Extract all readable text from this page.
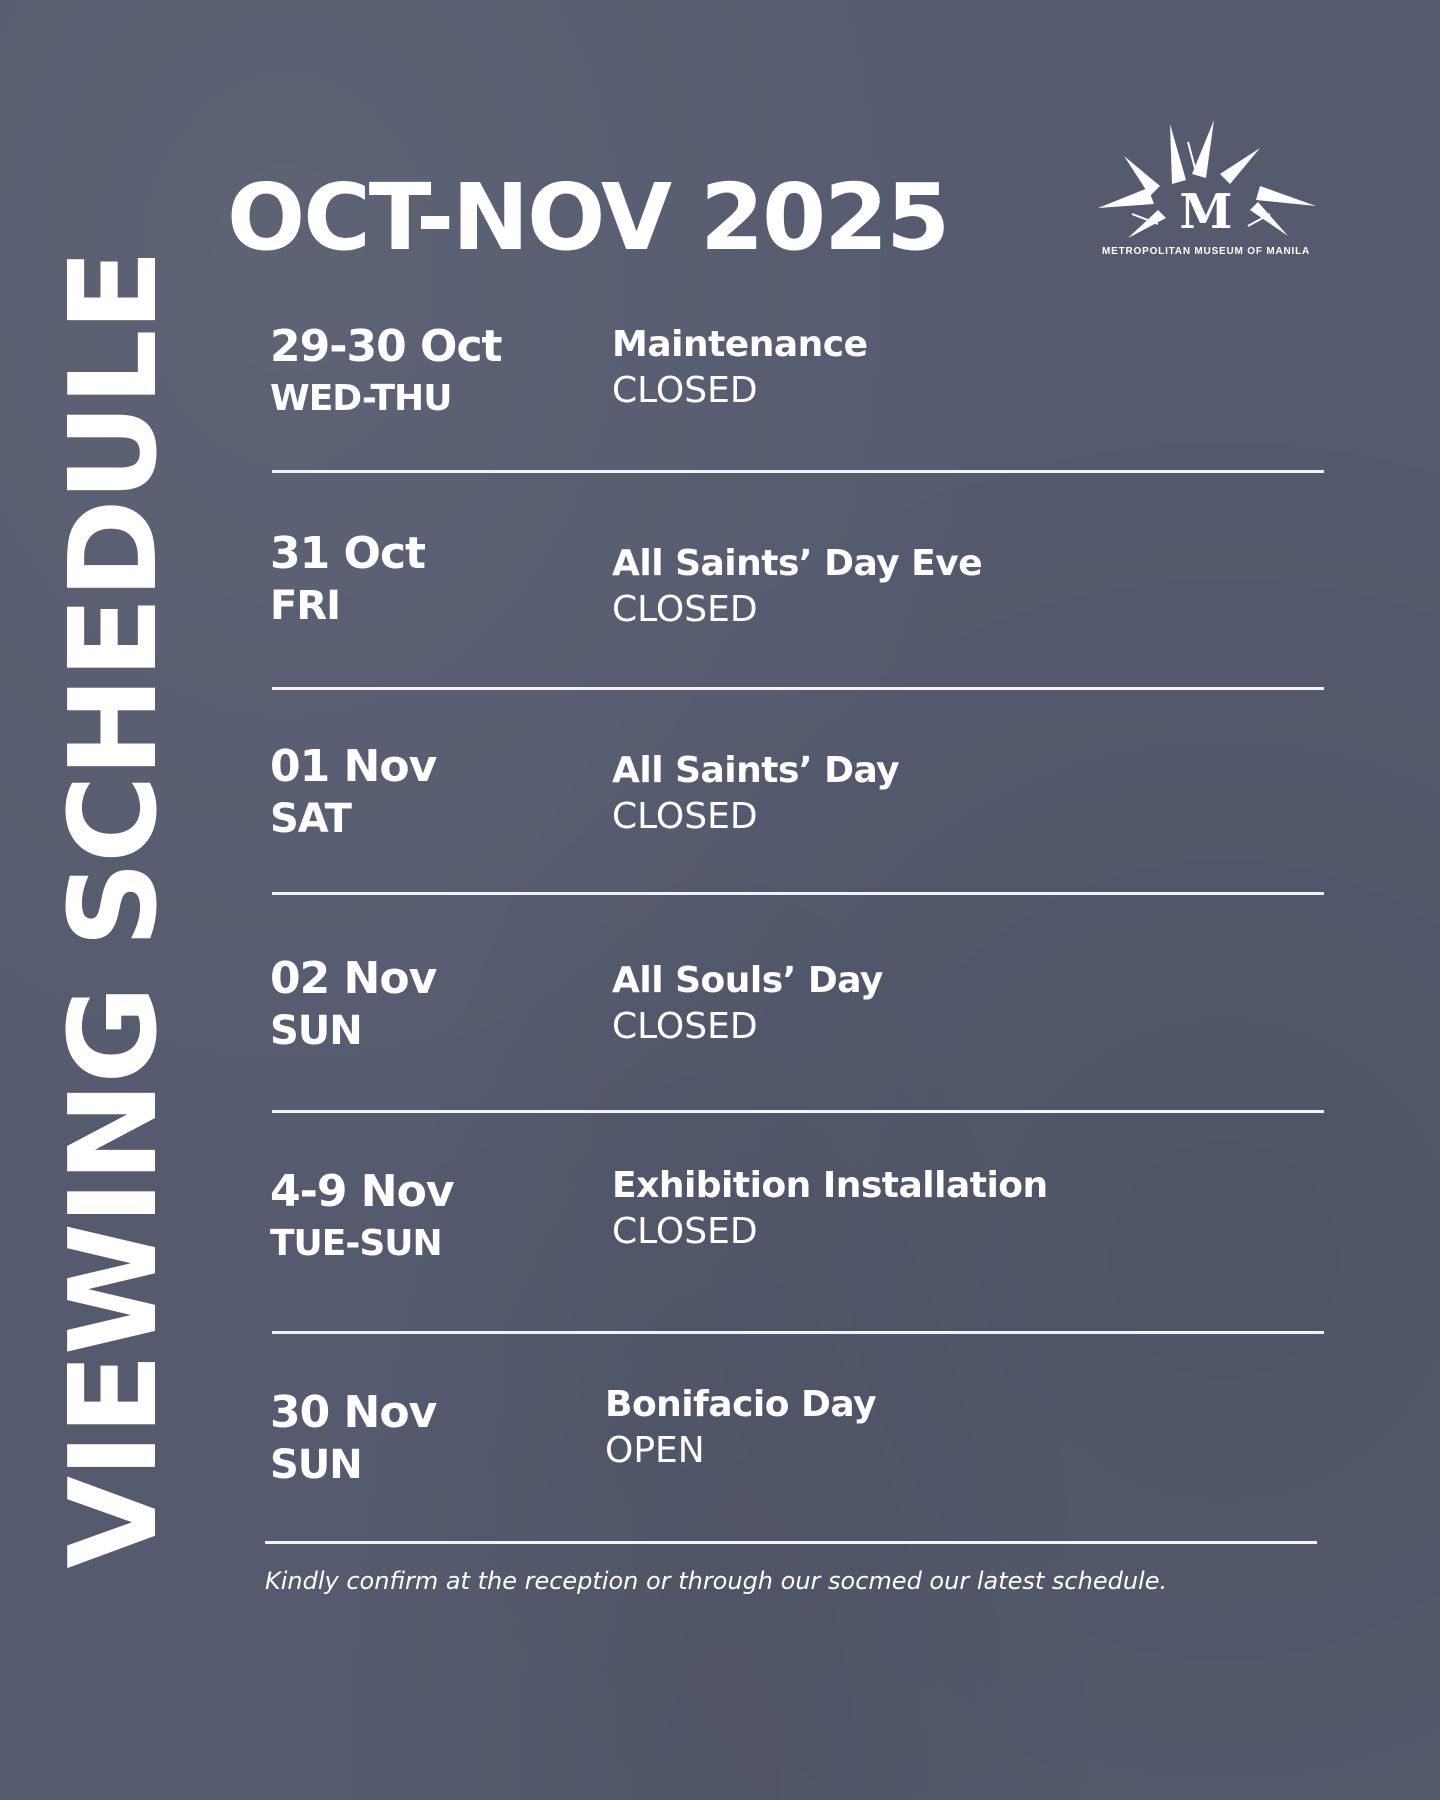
VIEWING SCHEDULE
OCT-NOV 2025	M
METROPOLITAN MUSEUM OF MANILA
29-30 Oct
WED-THU
Maintenance
CLOSED
31 Oct
FRI
All Saints’ Day Eve
CLOSED
01 Nov
SAT
All Saints’ Day
CLOSED
02 Nov
SUN
All Souls’ Day
CLOSED
4-9 Nov
TUE-SUN
Exhibition Installation
CLOSED
30 Nov
SUN
Bonifacio Day
OPEN

Kindly confirm at the reception or through our socmed our latest schedule.
